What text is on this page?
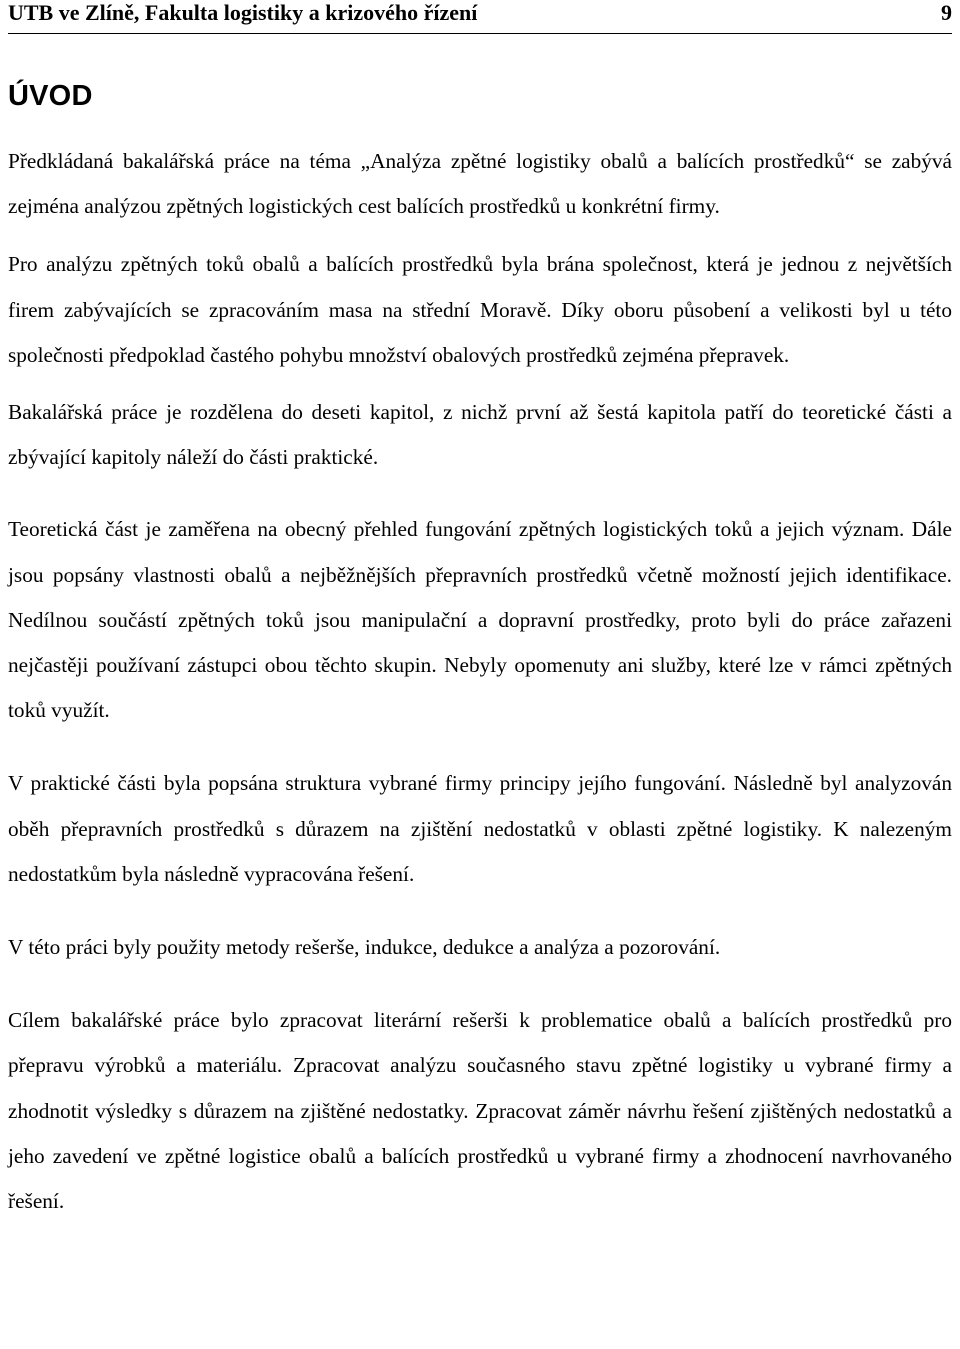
UTB ve Zlíně, Fakulta logistiky a krizového řízení	9
ÚVOD

Předkládaná bakalářská práce na téma „Analýza zpětné logistiky obalů a balících prostředků“ se zabývá zejména analýzou zpětných logistických cest balících prostředků u konkrétní firmy.

Pro analýzu zpětných toků obalů a balících prostředků byla brána společnost, která je jednou z největších firem zabývajících se zpracováním masa na střední Moravě. Díky oboru působení a velikosti byl u této společnosti předpoklad častého pohybu množství obalových prostředků zejména přepravek.

Bakalářská práce je rozdělena do deseti kapitol, z nichž první až šestá kapitola patří do teoretické části a zbývající kapitoly náleží do části praktické.

Teoretická část je zaměřena na obecný přehled fungování zpětných logistických toků a jejich význam. Dále jsou popsány vlastnosti obalů a nejběžnějších přepravních prostředků včetně možností jejich identifikace. Nedílnou součástí zpětných toků jsou manipulační a dopravní prostředky, proto byli do práce zařazeni nejčastěji používaní zástupci obou těchto skupin. Nebyly opomenuty ani služby, které lze v rámci zpětných toků využít.

V praktické části byla popsána struktura vybrané firmy principy jejího fungování. Následně byl analyzován oběh přepravních prostředků s důrazem na zjištění nedostatků v oblasti zpětné logistiky. K nalezeným nedostatkům byla následně vypracována řešení.

V této práci byly použity metody rešerše, indukce, dedukce a analýza a pozorování.

Cílem bakalářské práce bylo zpracovat literární rešerši k problematice obalů a balících prostředků pro přepravu výrobků a materiálu. Zpracovat analýzu současného stavu zpětné logistiky u vybrané firmy a zhodnotit výsledky s důrazem na zjištěné nedostatky. Zpracovat záměr návrhu řešení zjištěných nedostatků a jeho zavedení ve zpětné logistice obalů a balících prostředků u vybrané firmy a zhodnocení navrhovaného řešení.
